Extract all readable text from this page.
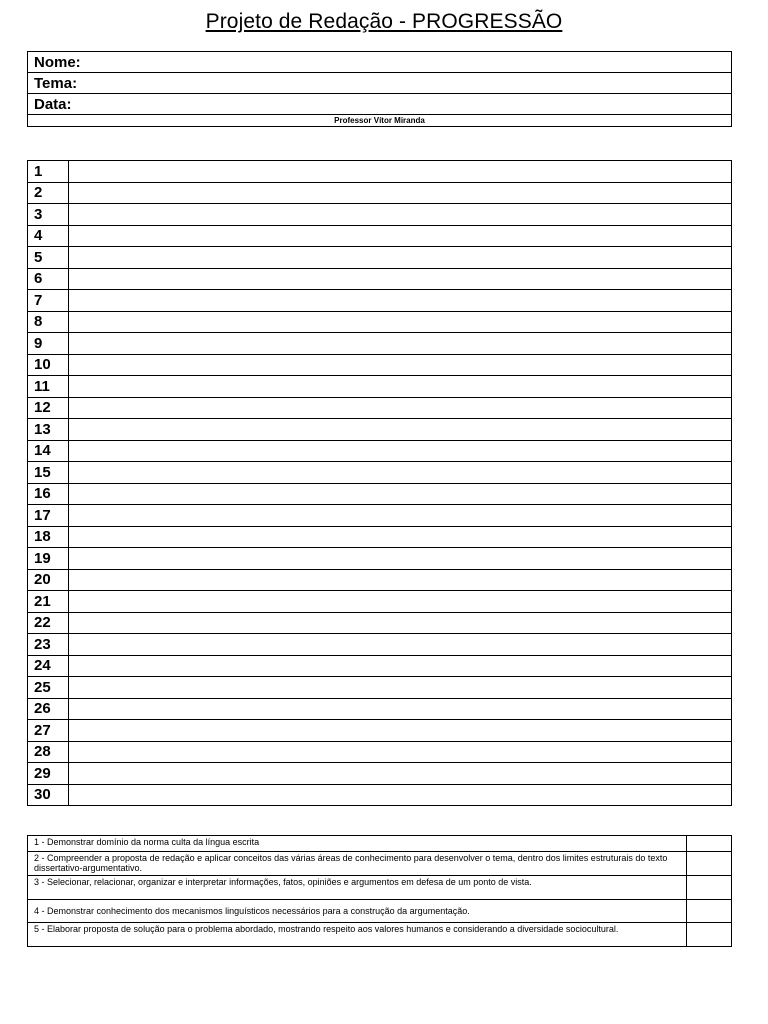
Projeto de Redação - PROGRESSÃO
Nome:
Tema:
Data:
Professor Vítor Miranda
1	
2	
3	
4	
5	
6	
7	
8	
9	
10	
11	
12	
13	
14	
15	
16	
17	
18	
19	
20	
21	
22	
23	
24	
25	
26	
27	
28	
29	
30	
1 - Demonstrar domínio da norma culta da língua escrita	
2 - Compreender a proposta de redação e aplicar conceitos das várias áreas de conhecimento para desenvolver o tema, dentro dos limites estruturais do texto dissertativo-argumentativo.	
3 - Selecionar, relacionar, organizar e interpretar informações, fatos, opiniões e argumentos em defesa de um ponto de vista.	
4 - Demonstrar conhecimento dos mecanismos linguísticos necessários para a construção da argumentação.	
5 - Elaborar proposta de solução para o problema abordado, mostrando respeito aos valores humanos e considerando a diversidade sociocultural.	
